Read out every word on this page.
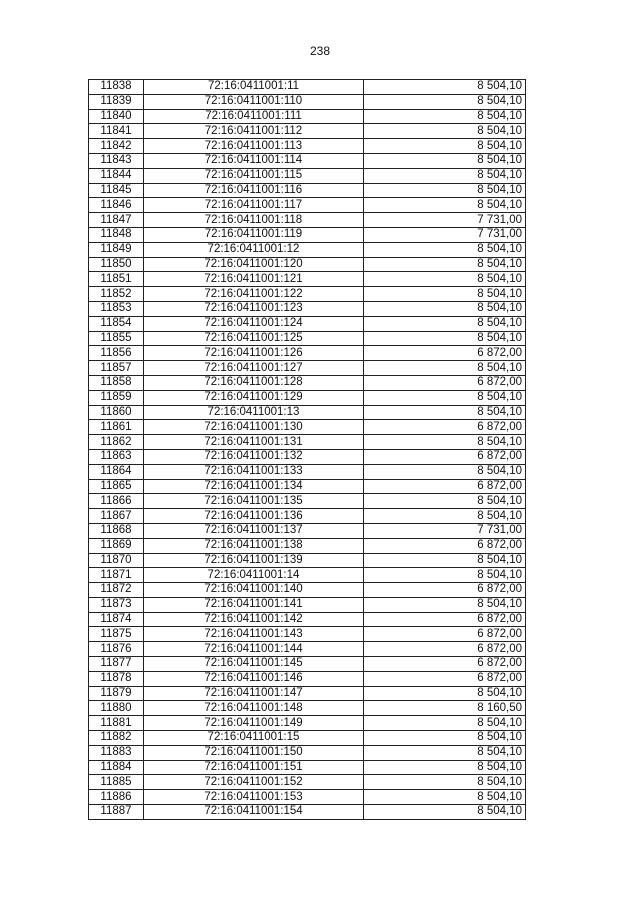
238
11838	72:16:0411001:11	8 504,10
11839	72:16:0411001:110	8 504,10
11840	72:16:0411001:111	8 504,10
11841	72:16:0411001:112	8 504,10
11842	72:16:0411001:113	8 504,10
11843	72:16:0411001:114	8 504,10
11844	72:16:0411001:115	8 504,10
11845	72:16:0411001:116	8 504,10
11846	72:16:0411001:117	8 504,10
11847	72:16:0411001:118	7 731,00
11848	72:16:0411001:119	7 731,00
11849	72:16:0411001:12	8 504,10
11850	72:16:0411001:120	8 504,10
11851	72:16:0411001:121	8 504,10
11852	72:16:0411001:122	8 504,10
11853	72:16:0411001:123	8 504,10
11854	72:16:0411001:124	8 504,10
11855	72:16:0411001:125	8 504,10
11856	72:16:0411001:126	6 872,00
11857	72:16:0411001:127	8 504,10
11858	72:16:0411001:128	6 872,00
11859	72:16:0411001:129	8 504,10
11860	72:16:0411001:13	8 504,10
11861	72:16:0411001:130	6 872,00
11862	72:16:0411001:131	8 504,10
11863	72:16:0411001:132	6 872,00
11864	72:16:0411001:133	8 504,10
11865	72:16:0411001:134	6 872,00
11866	72:16:0411001:135	8 504,10
11867	72:16:0411001:136	8 504,10
11868	72:16:0411001:137	7 731,00
11869	72:16:0411001:138	6 872,00
11870	72:16:0411001:139	8 504,10
11871	72:16:0411001:14	8 504,10
11872	72:16:0411001:140	6 872,00
11873	72:16:0411001:141	8 504,10
11874	72:16:0411001:142	6 872,00
11875	72:16:0411001:143	6 872,00
11876	72:16:0411001:144	6 872,00
11877	72:16:0411001:145	6 872,00
11878	72:16:0411001:146	6 872,00
11879	72:16:0411001:147	8 504,10
11880	72:16:0411001:148	8 160,50
11881	72:16:0411001:149	8 504,10
11882	72:16:0411001:15	8 504,10
11883	72:16:0411001:150	8 504,10
11884	72:16:0411001:151	8 504,10
11885	72:16:0411001:152	8 504,10
11886	72:16:0411001:153	8 504,10
11887	72:16:0411001:154	8 504,10
